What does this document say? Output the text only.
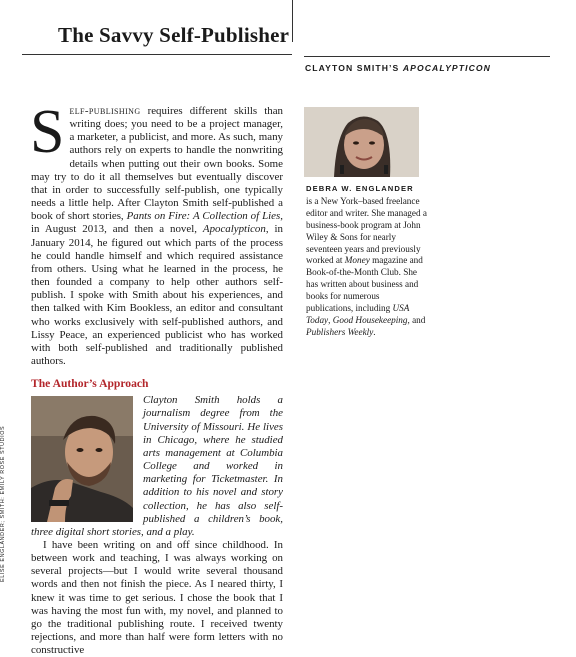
The Savvy Self-Publisher
CLAYTON SMITH’S APOCALYPTICON

Self-publishing requires different skills than writing does; you need to be a project manager, a marketer, a publicist, and more. As such, many authors rely on experts to handle the nonwriting details when putting out their own books. Some may try to do it all themselves but eventually discover that in order to successfully self-publish, one typically needs a little help. After Clayton Smith self-published a book of short stories, Pants on Fire: A Collection of Lies, in August 2013, and then a novel, Apocalypticon, in January 2014, he figured out which parts of the process he could handle himself and which required assistance from others. Using what he learned in the process, he then founded a company to help other authors self-publish. I spoke with Smith about his experiences, and then talked with Kim Bookless, an editor and consultant who works exclusively with self-published authors, and Lissy Peace, an experienced publicist who has worked with both self-published and traditionally published authors.

The Author’s Approach

Clayton Smith holds a journalism degree from the University of Missouri. He lives in Chicago, where he studied arts management at Columbia College and worked in marketing for Ticketmaster. In addition to his novel and story collection, he has also self-published a children’s book, three digital short stories, and a play.

I have been writing on and off since childhood. In between work and teaching, I was always working on several projects—but I would write several thousand words and then not finish the piece. As I neared thirty, I knew it was time to get serious. I chose the book that I was having the most fun with, my novel, and planned to go the traditional publishing route. I received twenty rejections, and more than half were form letters with no constructive

DEBRA W. ENGLANDER
is a New York–based freelance editor and writer. She managed a business-book program at John Wiley & Sons for nearly seventeen years and previously worked at Money magazine and Book-of-the-Month Club. She has written about business and books for numerous publications, including USA Today, Good Housekeeping, and Publishers Weekly.
ELISE ENGLANDER; SMITH: EMILY ROSE STUDIOS
